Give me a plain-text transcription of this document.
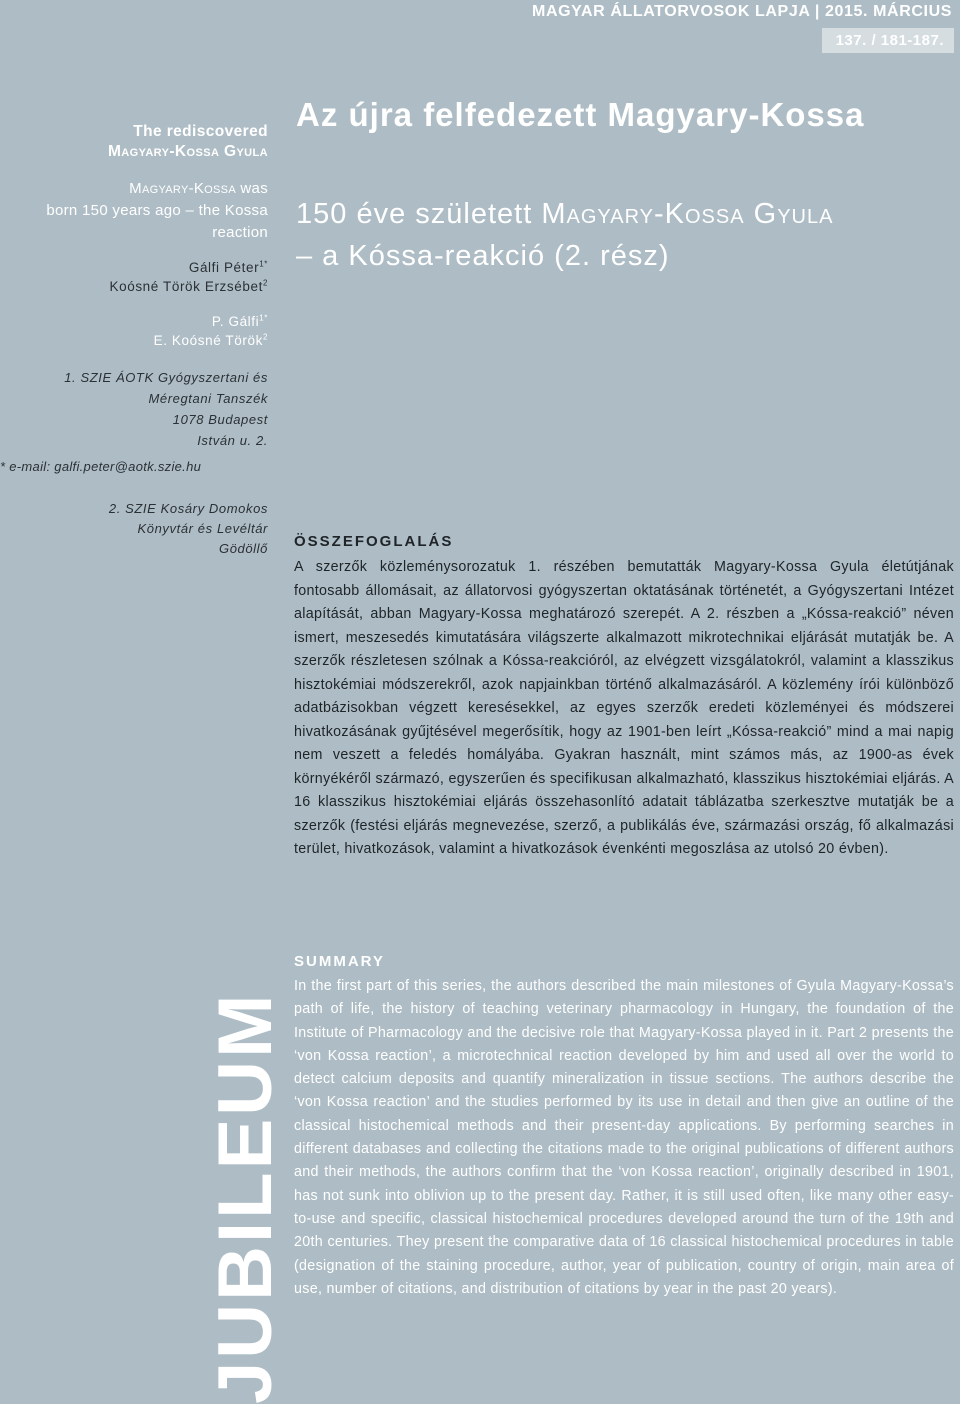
MAGYAR ÁLLATORVOSOK LAPJA | 2015. MÁRCIUS
137. / 181-187.
The rediscovered
Magyary-Kossa Gyula
Magyary-Kossa was
born 150 years ago – the Kossa
reaction
Gálfi Péter$^{1*}$
Koósné Török Erzsébet$^2$
P. Gálfi$^{1*}$
E. Koósné Török$^2$
1. SZIE ÁOTK Gyógyszertani és
Méregtani Tanszék
1078 Budapest
István u. 2.
* e-mail: galfi.peter@aotk.szie.hu
2. SZIE Kosáry Domokos
Könyvtár és Levéltár
Gödöllő
Az újra felfedezett Magyary-Kossa
150 éve született Magyary-Kossa Gyula
– a Kóssa-reakció (2. rész)
ÖSSZEFOGLALÁS

A szerzők közleménysorozatuk 1. részében bemutatták Magyary-Kossa Gyula életútjának fontosabb állomásait, az állatorvosi gyógyszertan oktatásának történetét, a Gyógyszertani Intézet alapítását, abban Magyary-Kossa meghatározó szerepét. A 2. részben a „Kóssa-reakció” néven ismert, meszesedés kimutatására világszerte alkalmazott mikrotechnikai eljárását mutatják be. A szerzők részletesen szólnak a Kóssa-reakcióról, az elvégzett vizsgálatokról, valamint a klasszikus hisztokémiai módszerekről, azok napjainkban történő alkalmazásáról. A közlemény írói különböző adatbázisokban végzett keresésekkel, az egyes szerzők eredeti közleményei és módszerei hivatkozásának gyűjtésével megerősítik, hogy az 1901-ben leírt „Kóssa-reakció” mind a mai napig nem veszett a feledés homályába. Gyakran használt, mint számos más, az 1900-as évek környékéről származó, egyszerűen és specifikusan alkalmazható, klasszikus hisztokémiai eljárás. A 16 klasszikus hisztokémiai eljárás összehasonlító adatait táblázatba szerkesztve mutatják be a szerzők (festési eljárás megnevezése, szerző, a publikálás éve, származási ország, fő alkalmazási terület, hivatkozások, valamint a hivatkozások évenkénti megoszlása az utolsó 20 évben).

SUMMARY

In the first part of this series, the authors described the main milestones of Gyula Magyary-Kossa’s path of life, the history of teaching veterinary pharmacology in Hungary, the foundation of the Institute of Pharmacology and the decisive role that Magyary-Kossa played in it. Part 2 presents the ‘von Kossa reaction’, a microtechnical reaction developed by him and used all over the world to detect calcium deposits and quantify mineralization in tissue sections. The authors describe the ‘von Kossa reaction’ and the studies performed by its use in detail and then give an outline of the classical histochemical methods and their present-day applications. By performing searches in different databases and collecting the citations made to the original publications of different authors and their methods, the authors confirm that the ‘von Kossa reaction’, originally described in 1901, has not sunk into oblivion up to the present day. Rather, it is still used often, like many other easy-to-use and specific, classical histochemical procedures developed around the turn of the 19th and 20th centuries. They present the comparative data of 16 classical histochemical procedures in table (designation of the staining procedure, author, year of publication, country of origin, main area of use, number of citations, and distribution of citations by year in the past 20 years).

JUBILEUM
